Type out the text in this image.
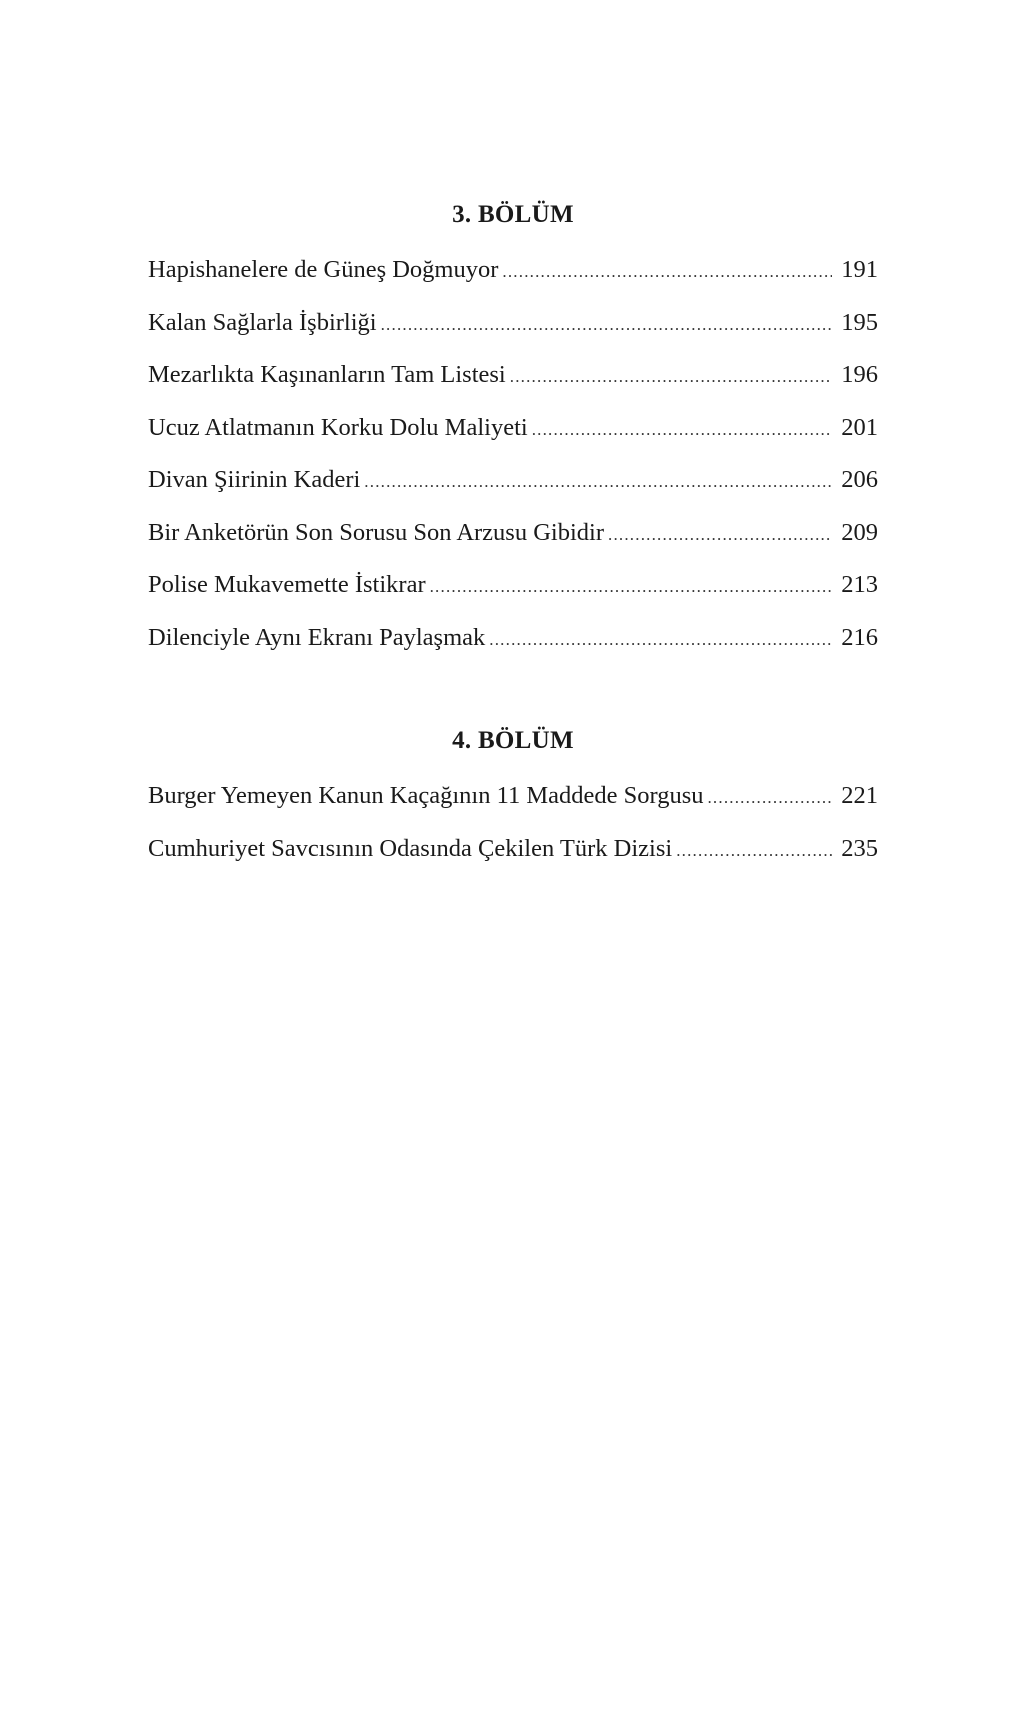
3. BÖLÜM
Hapishanelere de Güneş Doğmuyor .....	191
Kalan Sağlarla İşbirliği .....	195
Mezarlıkta Kaşınanların Tam Listesi .....	196
Ucuz Atlatmanın Korku Dolu Maliyeti .....	201
Divan Şiirinin Kaderi .....	206
Bir Anketörün Son Sorusu Son Arzusu Gibidir .....	209
Polise Mukavemette İstikrar .....	213
Dilenciyle Aynı Ekranı Paylaşmak .....	216
4. BÖLÜM
Burger Yemeyen Kanun Kaçağının 11 Maddede Sorgusu .....	221
Cumhuriyet Savcısının Odasında Çekilen Türk Dizisi .....	235
